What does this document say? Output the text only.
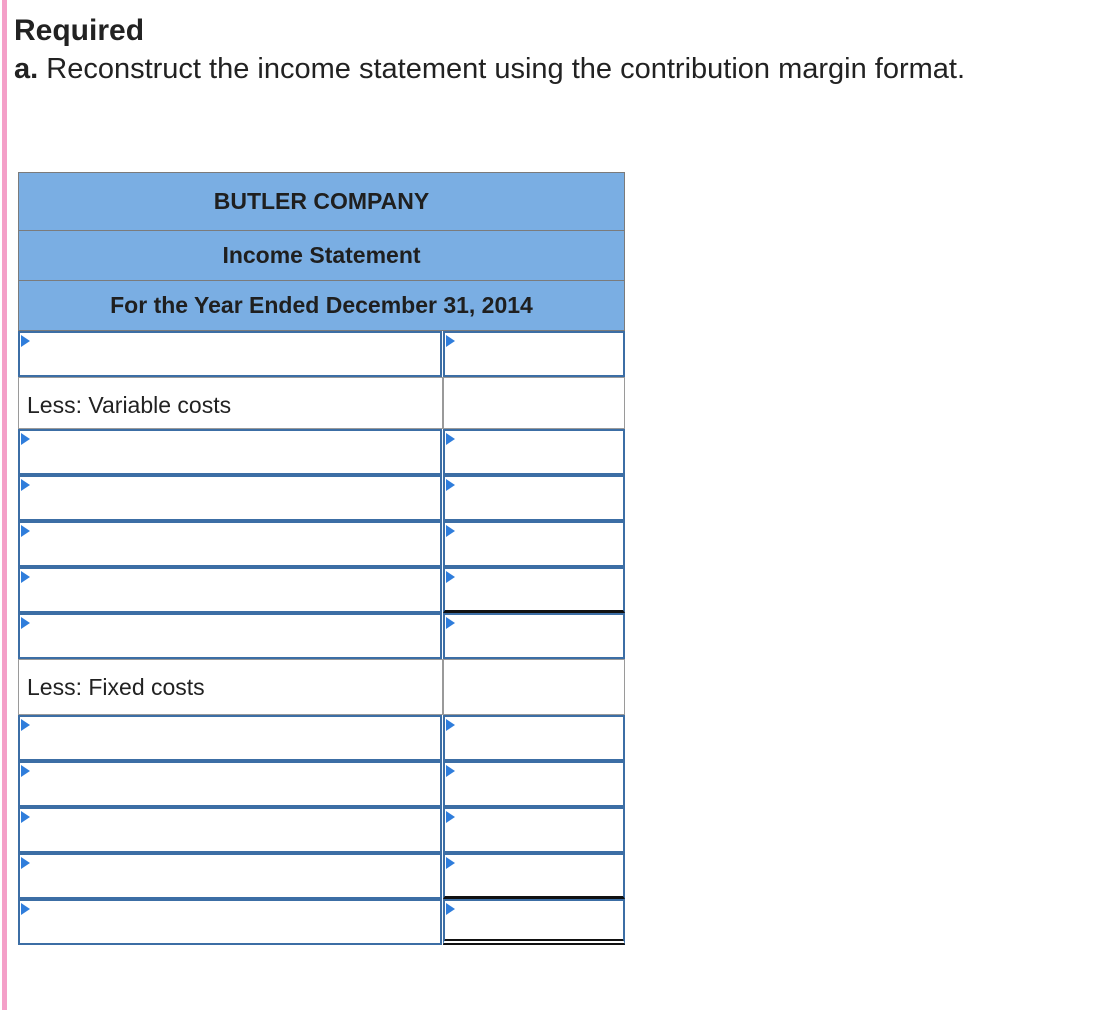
Required
a. Reconstruct the income statement using the contribution margin format.
BUTLER COMPANY
Income Statement
For the Year Ended December 31, 2014
Less: Variable costs
Less: Fixed costs
